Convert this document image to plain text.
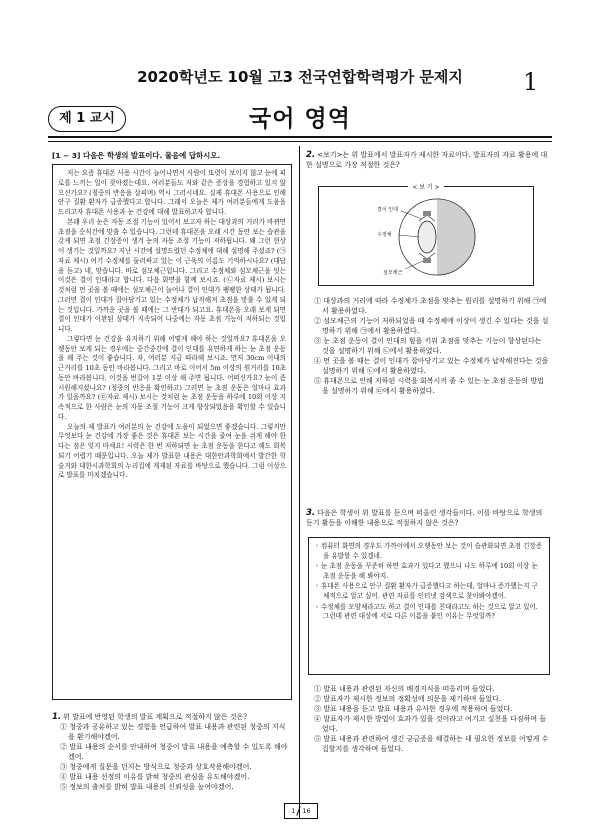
2020학년도 10월 고3 전국연합학력평가 문제지	1
제 1 교시	국어 영역
[1 ~ 3] 다음은 학생의 발표이다. 물음에 답하시오.

저는 요즘 휴대폰 사용 시간이 늘어나면서 사람이 또렷이 보이지 않고 눈에 피로를 느끼는 일이 잦아졌는데요. 여러분들도 저와 같은 증상을 경험하고 있지 않으신가요? (청중의 반응을 살피며) 역시 그러시네요. 실제 휴대폰 사용으로 인해 안구 질환 환자가 급증했다고 합니다. 그래서 오늘은 제가 여러분들에게 도움을 드리고자 휴대폰 사용과 눈 건강에 대해 발표하고자 합니다.

본래 우리 눈은 자동 조절 기능이 있어서 보고자 하는 대상과의 거리가 바뀌면 초점을 순식간에 맞출 수 있습니다. 그런데 휴대폰을 오래 시간 동안 보는 습관을 갖게 되면 초점 긴장증이 생겨 눈의 자동 조절 기능이 저하됩니다. 왜 그런 현상이 생기는 것일까요? 지난 시간에 설명드렸던 수정체에 대해 설명해 주셨죠? (㉠자료 제시) 여기 수정체를 둘러싸고 있는 이 근육의 이름도 기억하시나요? (대답을 듣고) 네, 맞습니다. 바로 섬모체근입니다. 그리고 수정체와 섬모체근을 잇는 이것은 결이 인대라고 합니다. 다음 화면을 함께 보시죠. (㉡자료 제시) 보시는 것처럼 먼 곳을 볼 때에는 섬모체근이 늘어나 결이 인대가 팽팽한 상태가 됩니다. 그러면 결이 인대가 잡아당기고 있는 수정체가 납작해져 초점을 맞출 수 있게 되는 것입니다. 가까운 곳을 볼 때에는 그 반대가 되고요. 휴대폰을 오래 보게 되면 결이 인대가 이완된 상태가 지속되어 나중에는 자동 초점 기능이 저하되는 것입니다.

그렇다면 눈 건강을 유지하기 위해 어떻게 해야 하는 것일까요? 휴대폰을 오랫동안 보게 되는 경우에는 중간중간에 결이 인대를 유연하게 하는 눈 초점 운동을 해 주는 것이 좋습니다. 자, 여러분 지금 따라해 보시죠. 먼저 30cm 이내의 근거리를 10초 동안 바라봅니다. 그리고 바로 이어서 5m 이상의 원거리를 10초 동안 바라봅니다. 이것을 번갈아 1분 이상 해 주면 됩니다. 어떠신가요? 눈이 좀 시원해지셨나요? (청중의 반응을 확인하고) 그러면 눈 초점 운동은 얼마나 효과가 있을까요? (㉢자료 제시) 보시는 것처럼 눈 초점 운동을 하루에 10회 이상 지속적으로 한 사람은 눈의 자동 조절 기능이 크게 향상되었음을 확인할 수 있습니다.

오늘의 제 발표가 여러분의 눈 건강에 도움이 되었으면 좋겠습니다. 그렇지만 무엇보다 눈 건강에 가장 좋은 것은 휴대폰 보는 시간을 줄여 눈을 쉬게 해야 한다는 점은 잊지 마세요! 시력은 한 번 저하되면 눈 초점 운동을 한다고 해도 회복되기 어렵기 때문입니다. 오늘 제가 발표한 내용은 대한안과학회에서 발간한 학술지와 대한시과학회의 누리집에 게재된 자료를 바탕으로 했습니다. 그럼 이상으로 발표를 마치겠습니다.

1. 위 발표에 반영된 학생의 발표 계획으로 적절하지 않은 것은?

① 청중과 공유하고 있는 경험을 언급하여 발표 내용과 관련된 청중의 지식을 환기해야겠어.

② 발표 내용의 순서를 안내하여 청중이 발표 내용을 예측할 수 있도록 해야겠어.

③ 청중에게 질문을 던지는 방식으로 청중과 상호작용해야겠어.

④ 발표 내용 선정의 이유를 밝혀 청중의 관심을 유도해야겠어.

⑤ 정보의 출처를 밝혀 발표 내용의 신뢰성을 높여야겠어.

2. <보기>는 위 발표에서 발표자가 제시한 자료이다. 발표자의 자료 활용에 대한 설명으로 가장 적절한 것은?

< 보 기 >
결이 인대
수정체
섬모체근

① 대상과의 거리에 따라 수정체가 초점을 맞추는 원리를 설명하기 위해 ㉠에서 활용하였다.

② 섬모체근의 기능이 저하되었을 때 수정체에 이상이 생긴 수 있다는 것을 설명하기 위해 ㉠에서 활용하였다.

③ 눈 초점 운동이 결이 인대의 힘을 키워 초점을 맞추는 기능이 향상된다는 것을 설명하기 위해 ㉡에서 활용하였다.

④ 먼 곳을 볼 때는 결이 인대가 잡아당기고 있는 수정체가 납작해진다는 것을 설명하기 위해 ㉡에서 활용하였다.

⑤ 휴대폰으로 인해 저하된 시력을 회복시켜 줄 수 있는 눈 초점 운동의 방법을 설명하기 위해 ㉢에서 활용하였다.

3. 다음은 학생이 위 발표를 듣으며 떠올린 생각들이다. 이를 바탕으로 학생의 듣기 활동을 이해한 내용으로 적절하지 않은 것은?

◦ 컴퓨터 화면의 경우도 가까이에서 오랫동안 보는 것이 습관화되면 초점 긴장증을 유발할 수 있겠네.

◦ 눈 초점 운동을 꾸준히 하면 효과가 있다고 했으니 나도 하루에 10회 이상 눈 초점 운동을 해 봐야지.

◦ 휴대폰 사용으로 안구 질환 환자가 급증했다고 하는데, 얼마나 증가했는지 구체적으로 알고 싶어. 관련 자료를 인터넷 검색으로 찾아봐야겠어.

◦ 수정체를 모양체라고도 하고 결이 인대를 친대라고도 하는 것으로 알고 있어. 그런데 관련 대상에 서로 다른 이름을 붙인 이유는 무엇일까?

① 발표 내용과 관련된 자신의 배경지식을 떠올리며 들었다.

② 발표자가 제시한 정보의 정확성에 의문을 제기하며 들었다.

③ 발표 내용을 듣고 발표 내용과 유사한 경우에 적용하며 들었다.

④ 발표자가 제시한 방법이 효과가 있을 것이라고 여기고 실천을 다짐하며 들었다.

⑤ 발표 내용과 관련하여 생긴 궁금증을 해결하는 데 필요한 정보를 어떻게 수집할지를 생각하며 들었다.

1 16
